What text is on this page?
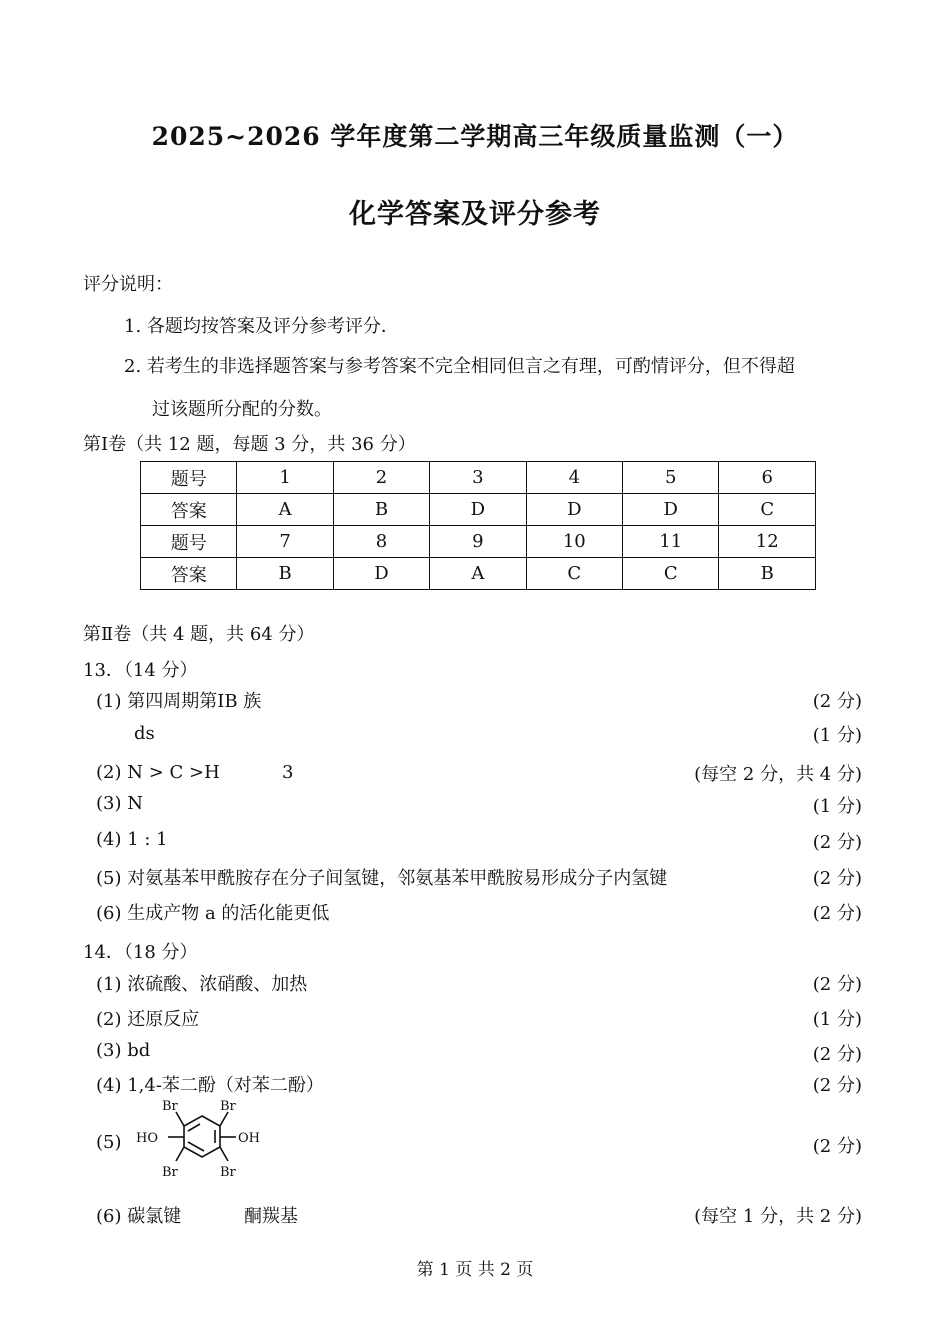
2025~2026 学年度第二学期高三年级质量监测（一）
化学答案及评分参考
评分说明：
1. 各题均按答案及评分参考评分．
2. 若考生的非选择题答案与参考答案不完全相同但言之有理，可酌情评分，但不得超
过该题所分配的分数。
第Ⅰ卷（共 12 题，每题 3 分，共 36 分）
题号	1	2	3	4	5	6
答案	A	B	D	D	D	C
题号	7	8	9	10	11	12
答案	B	D	A	C	C	B
第Ⅱ卷（共 4 题，共 64 分）
13．（14 分）
(1) 第四周期第ⅠB 族	(2 分)
ds	(1 分)
(2) N > C >H	3	(每空 2 分，共 4 分)
(3) N	(1 分)
(4) 1 : 1	(2 分)
(5) 对氨基苯甲酰胺存在分子间氢键，邻氨基苯甲酰胺易形成分子内氢键	(2 分)
(6) 生成产物 a 的活化能更低	(2 分)
14．（18 分）
(1) 浓硫酸、浓硝酸、加热	(2 分)
(2) 还原反应	(1 分)
(3) bd	(2 分)
(4) 1,4-苯二酚（对苯二酚）	(2 分)
(5)	(2 分)
Br	Br
HO	OH
Br	Br
(6) 碳氯键	酮羰基	(每空 1 分，共 2 分)
第 1 页 共 2 页
